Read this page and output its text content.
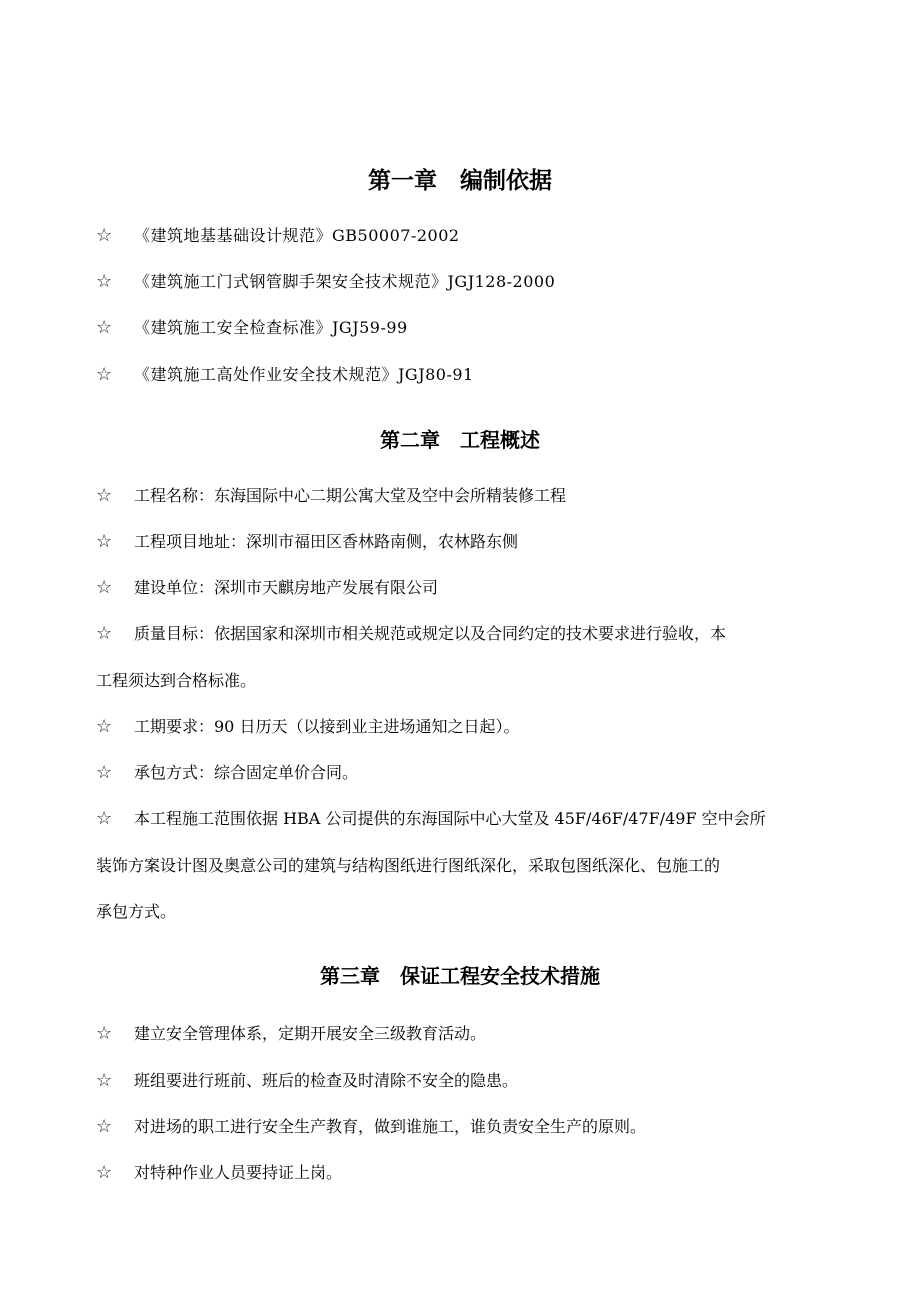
第一章　编制依据
☆ 《建筑地基基础设计规范》GB50007-2002
☆ 《建筑施工门式钢管脚手架安全技术规范》JGJ128-2000
☆ 《建筑施工安全检查标准》JGJ59-99
☆ 《建筑施工高处作业安全技术规范》JGJ80-91
第二章　工程概述
☆ 工程名称：东海国际中心二期公寓大堂及空中会所精装修工程
☆ 工程项目地址：深圳市福田区香林路南侧，农林路东侧
☆ 建设单位：深圳市天麒房地产发展有限公司
☆ 质量目标：依据国家和深圳市相关规范或规定以及合同约定的技术要求进行验收，本
工程须达到合格标准。
☆ 工期要求：90 日历天（以接到业主进场通知之日起）。
☆ 承包方式：综合固定单价合同。
☆ 本工程施工范围依据 HBA 公司提供的东海国际中心大堂及 45F/46F/47F/49F 空中会所
装饰方案设计图及奥意公司的建筑与结构图纸进行图纸深化，采取包图纸深化、包施工的
承包方式。
第三章　保证工程安全技术措施
☆ 建立安全管理体系，定期开展安全三级教育活动。
☆ 班组要进行班前、班后的检查及时清除不安全的隐患。
☆ 对进场的职工进行安全生产教育，做到谁施工，谁负责安全生产的原则。
☆ 对特种作业人员要持证上岗。
